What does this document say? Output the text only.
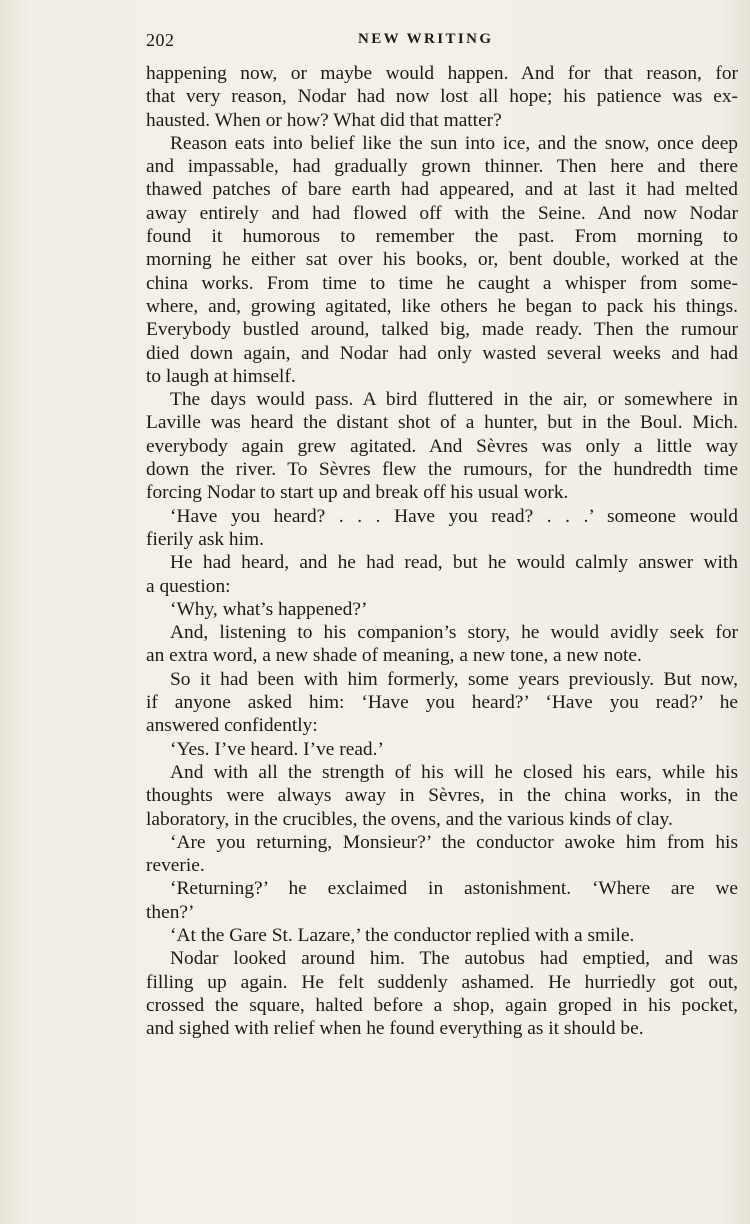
202	NEW WRITING
happening now, or maybe would happen. And for that reason, for
that very reason, Nodar had now lost all hope; his patience was ex-
hausted. When or how? What did that matter?
Reason eats into belief like the sun into ice, and the snow, once deep
and impassable, had gradually grown thinner. Then here and there
thawed patches of bare earth had appeared, and at last it had melted
away entirely and had flowed off with the Seine. And now Nodar
found it humorous to remember the past. From morning to
morning he either sat over his books, or, bent double, worked at the
china works. From time to time he caught a whisper from some-
where, and, growing agitated, like others he began to pack his things.
Everybody bustled around, talked big, made ready. Then the rumour
died down again, and Nodar had only wasted several weeks and had
to laugh at himself.
The days would pass. A bird fluttered in the air, or somewhere in
Laville was heard the distant shot of a hunter, but in the Boul. Mich.
everybody again grew agitated. And Sèvres was only a little way
down the river. To Sèvres flew the rumours, for the hundredth time
forcing Nodar to start up and break off his usual work.
‘Have you heard? . . . Have you read? . . .’ someone would
fierily ask him.
He had heard, and he had read, but he would calmly answer with
a question:
‘Why, what’s happened?’
And, listening to his companion’s story, he would avidly seek for
an extra word, a new shade of meaning, a new tone, a new note.
So it had been with him formerly, some years previously. But now,
if anyone asked him: ‘Have you heard?’ ‘Have you read?’ he
answered confidently:
‘Yes. I’ve heard. I’ve read.’
And with all the strength of his will he closed his ears, while his
thoughts were always away in Sèvres, in the china works, in the
laboratory, in the crucibles, the ovens, and the various kinds of clay.
‘Are you returning, Monsieur?’ the conductor awoke him from his
reverie.
‘Returning?’ he exclaimed in astonishment. ‘Where are we
then?’
‘At the Gare St. Lazare,’ the conductor replied with a smile.
Nodar looked around him. The autobus had emptied, and was
filling up again. He felt suddenly ashamed. He hurriedly got out,
crossed the square, halted before a shop, again groped in his pocket,
and sighed with relief when he found everything as it should be.
